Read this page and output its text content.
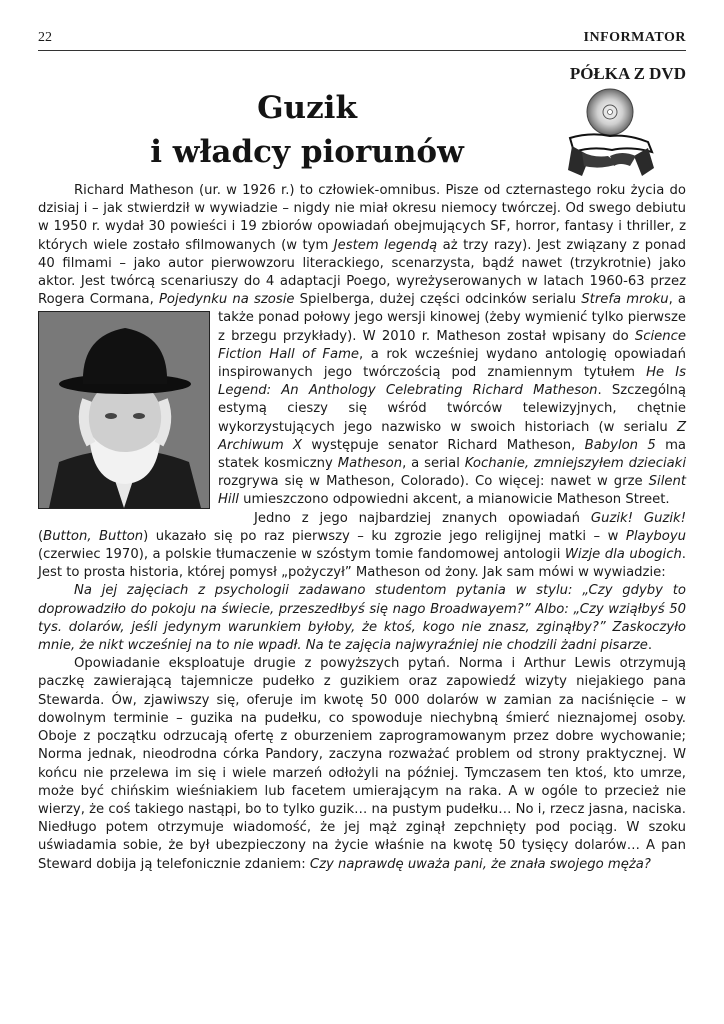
22	INFORMATOR
PÓŁKA Z DVD
Guzik
i władcy piorunów

Richard Matheson (ur. w 1926 r.) to człowiek-omnibus. Pisze od czternastego roku życia do dzisiaj i – jak stwierdził w wywiadzie – nigdy nie miał okresu niemocy twórczej. Od swego debiutu w 1950 r. wydał 30 powieści i 19 zbiorów opowiadań obejmujących SF, horror, fantasy i thriller, z których wiele zostało sfilmowanych (w tym Jestem legendą aż trzy razy). Jest związany z ponad 40 filmami – jako autor pierwowzoru literackiego, scenarzysta, bądź nawet (trzykrotnie) jako aktor. Jest twórcą scenariuszy do 4 adaptacji Poego, wyreżyserowanych w latach 1960-63 przez Rogera Cormana, Pojedynku na szosie Spielberga, dużej części odcinków serialu Strefa mroku, a także ponad połowy jego wersji kinowej (żeby wymienić tylko pierwsze
z brzegu przykłady). W 2010 r. Matheson został wpisany do Science Fiction Hall of Fame, a rok wcześniej wydano antologię opowiadań inspirowanych jego twórczością pod znamiennym tytułem He Is Legend: An Anthology Celebrating Richard Matheson. Szczególną estymą cieszy się wśród twórców telewizyjnych, chętnie wykorzystujących jego nazwisko w swoich historiach (w serialu Z Archiwum X występuje senator Richard Matheson, Babylon 5 ma statek kosmiczny Matheson, a serial Kochanie, zmniejszyłem dzieciaki rozgrywa się w Matheson, Colorado). Co więcej: nawet w grze Silent Hill umieszczono odpowiedni akcent, a mianowicie Matheson Street.

Jedno z jego najbardziej znanych opowiadań Guzik! Guzik! (Button, Button) ukazało się po raz pierwszy – ku zgrozie jego religijnej matki – w Playboyu (czerwiec 1970), a polskie tłumaczenie w szóstym tomie fandomowej antologii Wizje dla ubogich. Jest to prosta historia, której pomysł „pożyczył” Matheson od żony. Jak sam mówi w wywiadzie:

Na jej zajęciach z psychologii zadawano studentom pytania w stylu: „Czy gdyby to doprowadziło do pokoju na świecie, przeszedłbyś się nago Broadwayem?” Albo: „Czy wziąłbyś 50 tys. dolarów, jeśli jedynym warunkiem byłoby, że ktoś, kogo nie znasz, zginąłby?” Zaskoczyło mnie, że nikt wcześniej na to nie wpadł. Na te zajęcia najwyraźniej nie chodzili żadni pisarze.

Opowiadanie eksploatuje drugie z powyższych pytań. Norma i Arthur Lewis otrzymują paczkę zawierającą tajemnicze pudełko z guzikiem oraz zapowiedź wizyty niejakiego pana Stewarda. Ów, zjawiwszy się, oferuje im kwotę 50 000 dolarów w zamian za naciśnięcie – w dowolnym terminie – guzika na pudełku, co spowoduje niechybną śmierć nieznajomej osoby. Oboje z początku odrzucają ofertę z oburzeniem zaprogramowanym przez dobre wychowanie; Norma jednak, nieodrodna córka Pandory, zaczyna rozważać problem od strony praktycznej. W końcu nie przelewa im się i wiele marzeń odłożyli na później. Tymczasem ten ktoś, kto umrze, może być chińskim wieśniakiem lub facetem umierającym na raka. A w ogóle to przecież nie wierzy, że coś takiego nastąpi, bo to tylko guzik… na pustym pudełku… No i, rzecz jasna, naciska. Niedługo potem otrzymuje wiadomość, że jej mąż zginął zepchnięty pod pociąg. W szoku uświadamia sobie, że był ubezpieczony na życie właśnie na kwotę 50 tysięcy dolarów… A pan Steward dobija ją telefonicznie zdaniem: Czy naprawdę uważa pani, że znała swojego męża?
